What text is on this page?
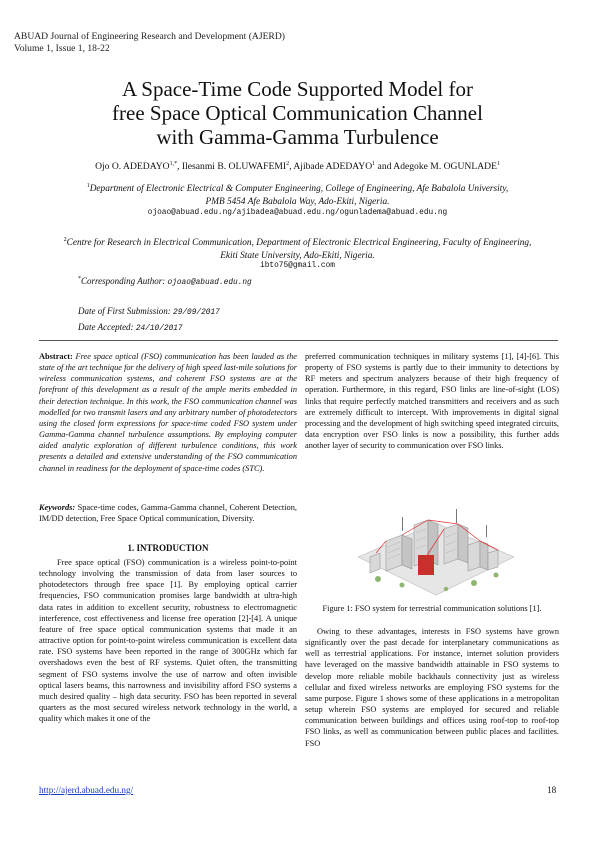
ABUAD Journal of Engineering Research and Development (AJERD)
Volume 1, Issue 1, 18-22
A Space-Time Code Supported Model for
free Space Optical Communication Channel
with Gamma-Gamma Turbulence
Ojo O. $ADEDAYO^{1,*}$, Ilesanmi B. OLUWAFEMI$^2$, Ajibade ADEDAYO$^1$ and Adegoke M. OGUNLADE$^1$
$^1$Department of Electronic Electrical & Computer Engineering, College of Engineering, Afe Babalola University,
PMB 5454 Afe Babalola Way, Ado-Ekiti, Nigeria.
ojoao@abuad.edu.ng/ajibadea@abuad.edu.ng/ogunladema@abuad.edu.ng
$^2$Centre for Research in Electrical Communication, Department of Electronic Electrical Engineering, Faculty of Engineering,
Ekiti State University, Ado-Ekiti, Nigeria.
ibto75@gmail.com
*Corresponding Author: ojoao@abuad.edu.ng
Date of First Submission: 29/09/2017
Date Accepted: 24/10/2017
Abstract: Free space optical (FSO) communication has been lauded as the state of the art technique for the delivery of high speed last-mile solutions for wireless communication systems, and coherent FSO systems are at the forefront of this development as a result of the ample merits embedded in their detection technique. In this work, the FSO communication channel was modelled for two transmit lasers and any arbitrary number of photodetectors using the closed form expressions for space-time coded FSO system under Gamma-Gamma channel turbulence assumptions. By employing computer aided analytic exploration of different turbulence conditions, this work presents a detailed and extensive understanding of the FSO communication channel in readiness for the deployment of space-time codes (STC).
Keywords: Space-time codes, Gamma-Gamma channel, Coherent Detection, IM/DD detection, Free Space Optical communication, Diversity.
1. INTRODUCTION
Free space optical (FSO) communication is a wireless point-to-point technology involving the transmission of data from laser sources to photodetectors through free space [1]. By employing optical carrier frequencies, FSO communication promises large bandwidth at ultra-high data rates in addition to excellent security, robustness to electromagnetic interference, cost effectiveness and license free operation [2]-[4]. A unique feature of free space optical communication systems that made it an attractive option for point-to-point wireless communication is excellent data rate. FSO systems have been reported in the range of 300GHz which far overshadows even the best of RF systems. Quiet often, the transmitting segment of FSO systems involve the use of narrow and often invisible optical lasers beams, this narrowness and invisibility afford FSO systems a much desired quality – high data security. FSO has been reported in several quarters as the most secured wireless network technology in the world, a quality which makes it one of the
preferred communication techniques in military systems [1], [4]-[6]. This property of FSO systems is partly due to their immunity to detections by RF meters and spectrum analyzers because of their high frequency of operation. Furthermore, in this regard, FSO links are line-of-sight (LOS) links that require perfectly matched transmitters and receivers and as such are extremely difficult to intercept. With improvements in digital signal processing and the development of high switching speed integrated circuits, data encryption over FSO links is now a possibility, this further adds another layer of security to communication over FSO links.
Figure 1: FSO system for terrestrial communication solutions [1].
Owing to these advantages, interests in FSO systems have grown significantly over the past decade for interplanetary communications as well as terrestrial applications. For instance, internet solution providers have leveraged on the massive bandwidth attainable in FSO systems to develop more reliable mobile backhauls connectivity just as wireless cellular and fixed wireless networks are employing FSO systems for the same purpose. Figure 1 shows some of these applications in a metropolitan setup wherein FSO systems are employed for secured and reliable communication between buildings and offices using roof-top to roof-top FSO links, as well as communication between public places and facilities. FSO
http://ajerd.abuad.edu.ng/	18
